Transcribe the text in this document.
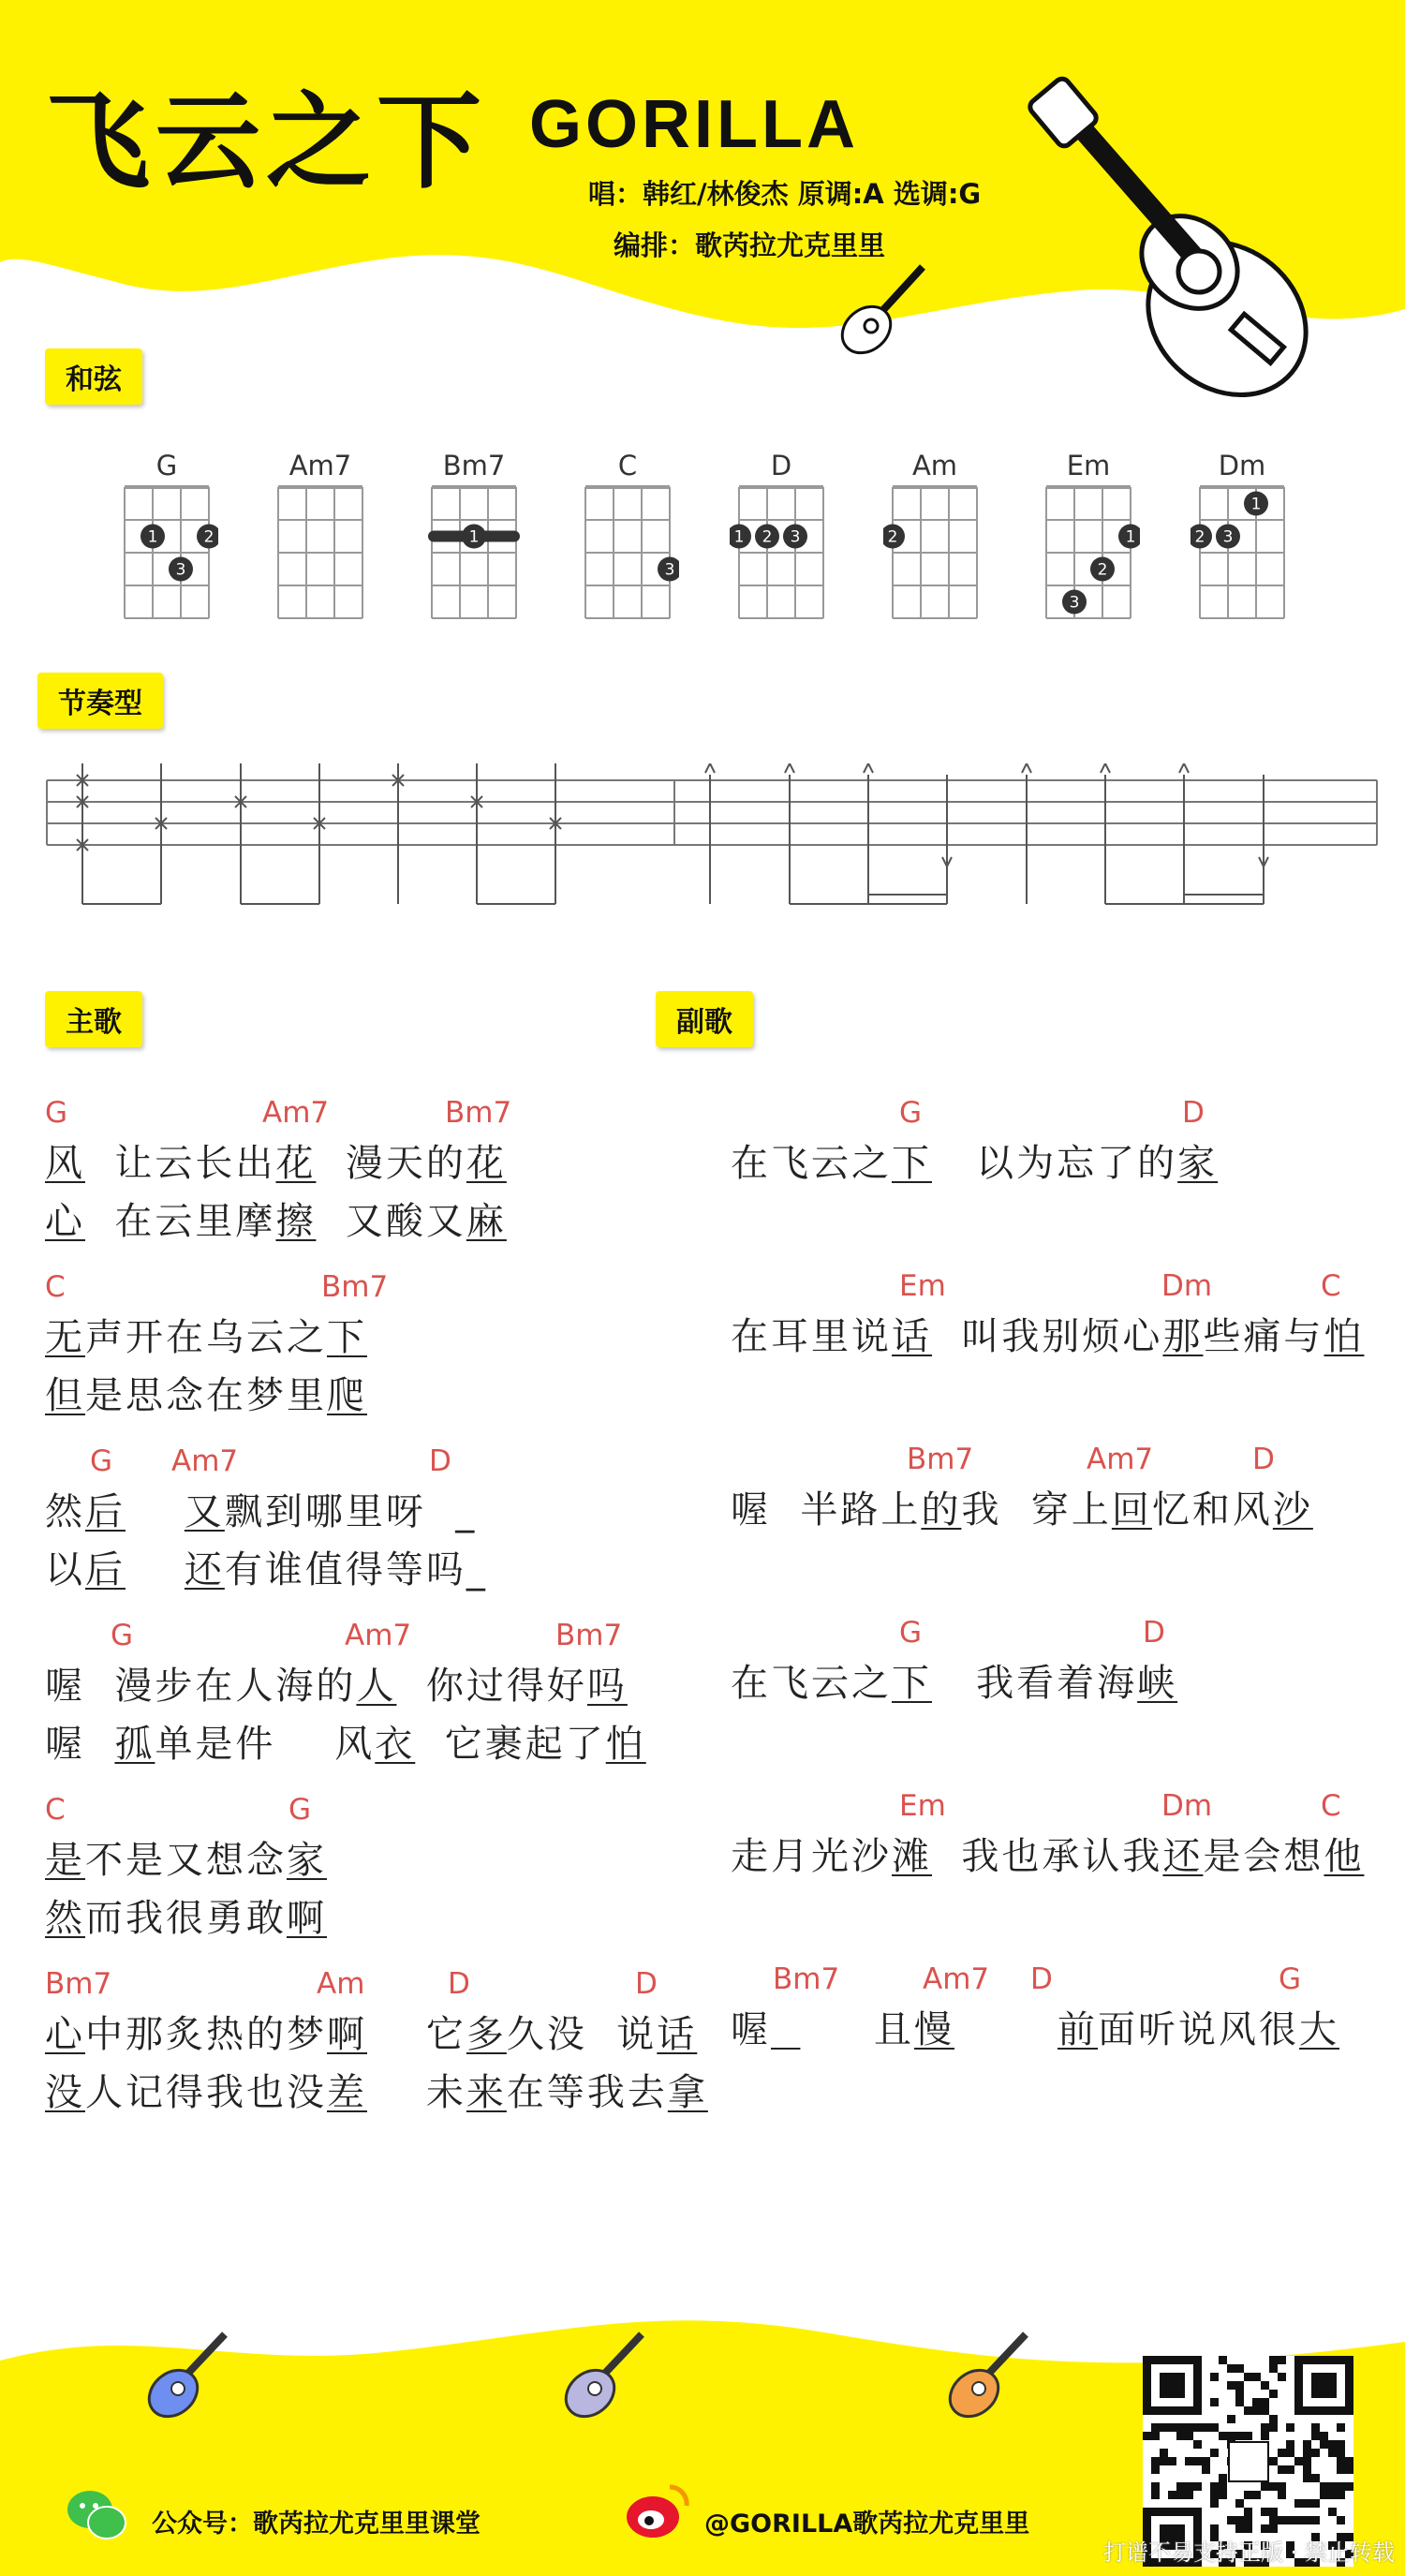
飞云之下 GORILLA
唱：韩红/林俊杰 原调:A 选调:G
编排：歌芮拉尤克里里
和弦
节奏型
主歌	副歌
G
1	2
3
Am7	Bm7
1
C
3
D
1 2 3
Am
2
Em
1
2
3
Dm
1
2 3
G	Am7	Bm7
风  让云长出花  漫天的花
心  在云里摩擦  又酸又麻
C	Bm7
无声开在乌云之下
但是思念在梦里爬
G Am7	D
然后 又飘到哪里呀  _
以后 还有谁值得等吗_
G	Am7	Bm7
喔  漫步在人海的人  你过得好吗
喔  孤单是件    风衣  它裹起了怕
C	G
是不是又想念家
然而我很勇敢啊
Bm7	Am	D	D
心中那炙热的梦啊    它多久没  说话
没人记得我也没差    未来在等我去拿
G	D
在飞云之下   以为忘了的家
Em	Dm	C
在耳里说话  叫我别烦心那些痛与怕
Bm7	Am7	D
喔  半路上的我  穿上回忆和风沙
G	D
在飞云之下   我看着海峡
Em	Dm	C
走月光沙滩  我也承认我还是会想他
Bm7	Am7 D	G
喔       且慢	前面听说风很大
公众号：歌芮拉尤克里里课堂	@GORILLA歌芮拉尤克里里
打谱不易支持正版 · 禁止转载
